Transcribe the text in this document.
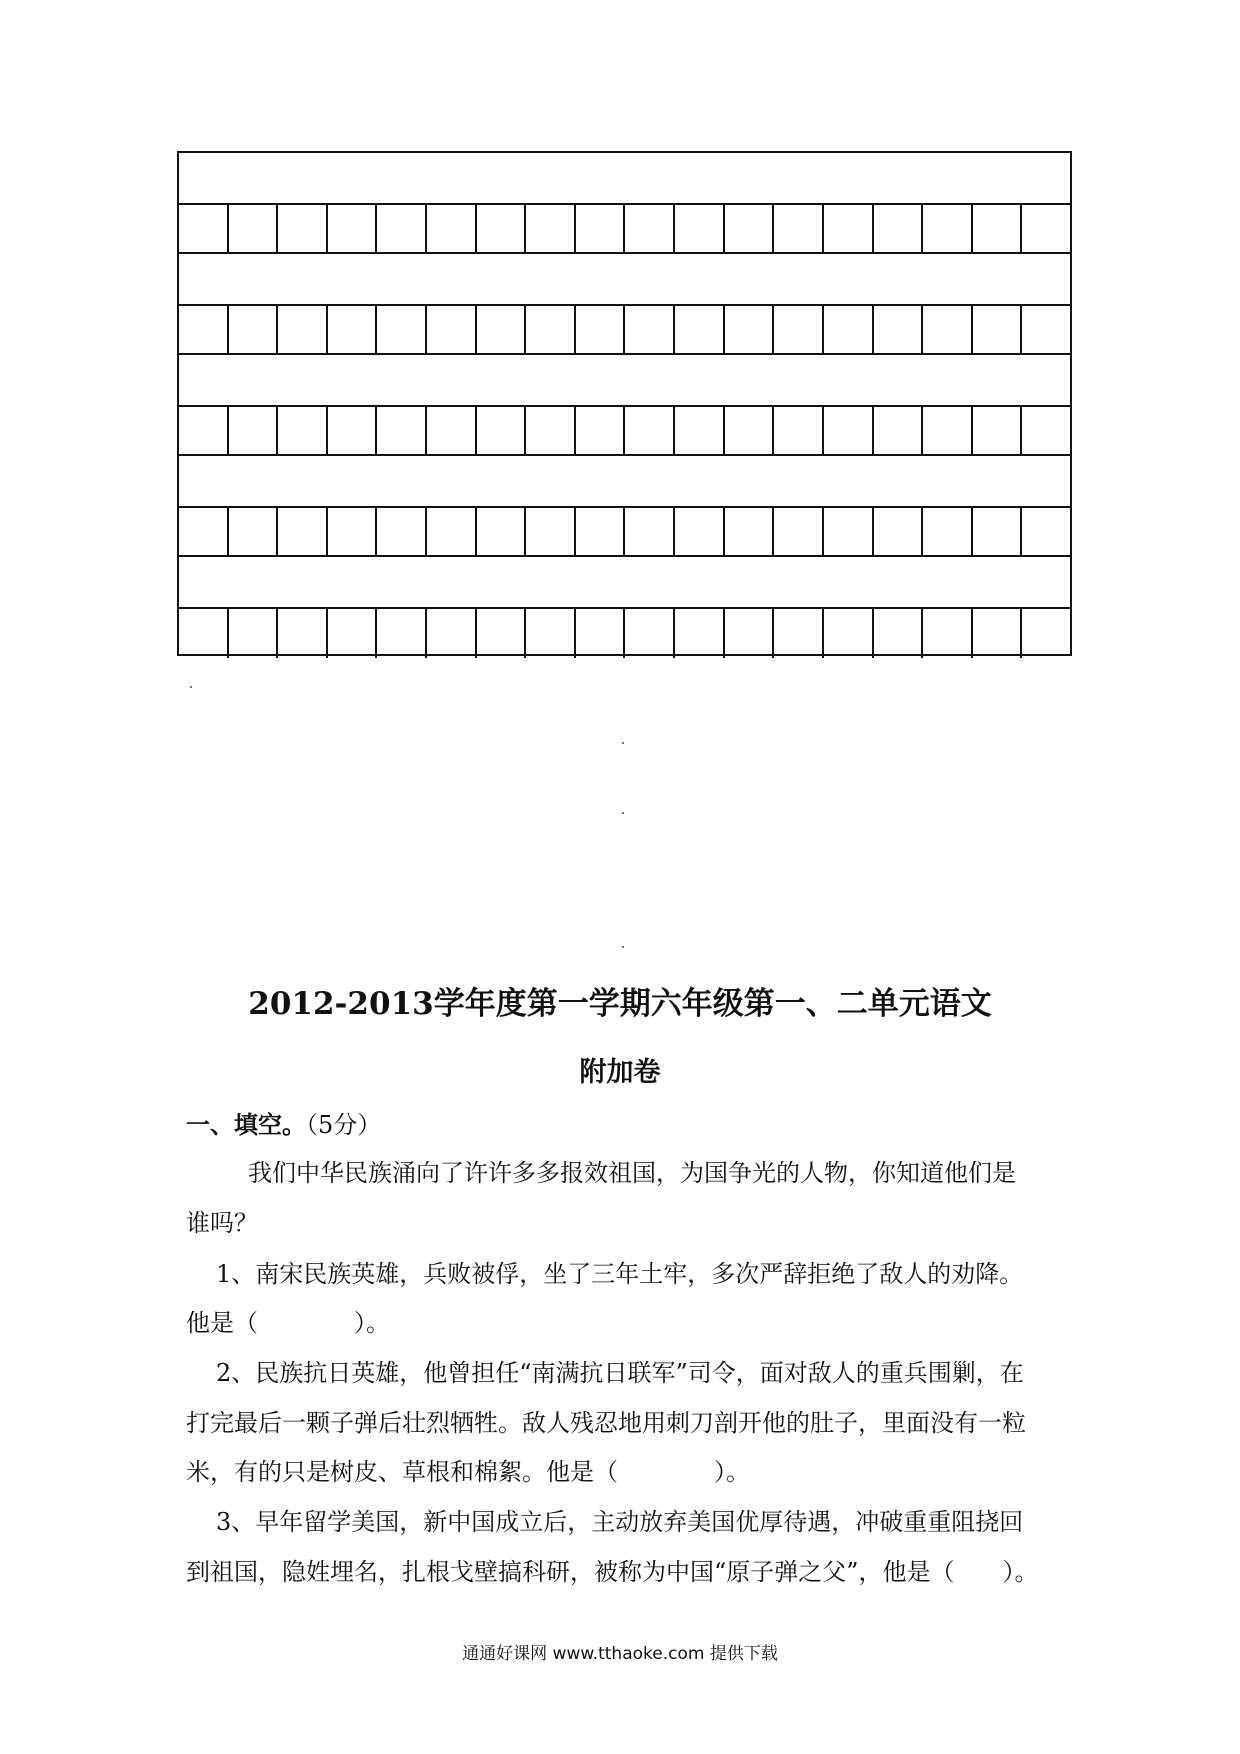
2012-2013学年度第一学期六年级第一、二单元语文
附加卷
一、填空。（5分）
我们中华民族涌向了许许多多报效祖国，为国争光的人物，你知道他们是
谁吗？
1、南宋民族英雄，兵败被俘，坐了三年土牢，多次严辞拒绝了敌人的劝降。
他是（　　　　）。
2、民族抗日英雄，他曾担任“南满抗日联军”司令，面对敌人的重兵围剿，在
打完最后一颗子弹后壮烈牺牲。敌人残忍地用刺刀剖开他的肚子，里面没有一粒
米，有的只是树皮、草根和棉絮。他是（　　　　）。
3、早年留学美国，新中国成立后，主动放弃美国优厚待遇，冲破重重阻挠回
到祖国，隐姓埋名，扎根戈壁搞科研，被称为中国“原子弹之父”，他是（　　）。
通通好课网 www.tthaoke.com 提供下载
